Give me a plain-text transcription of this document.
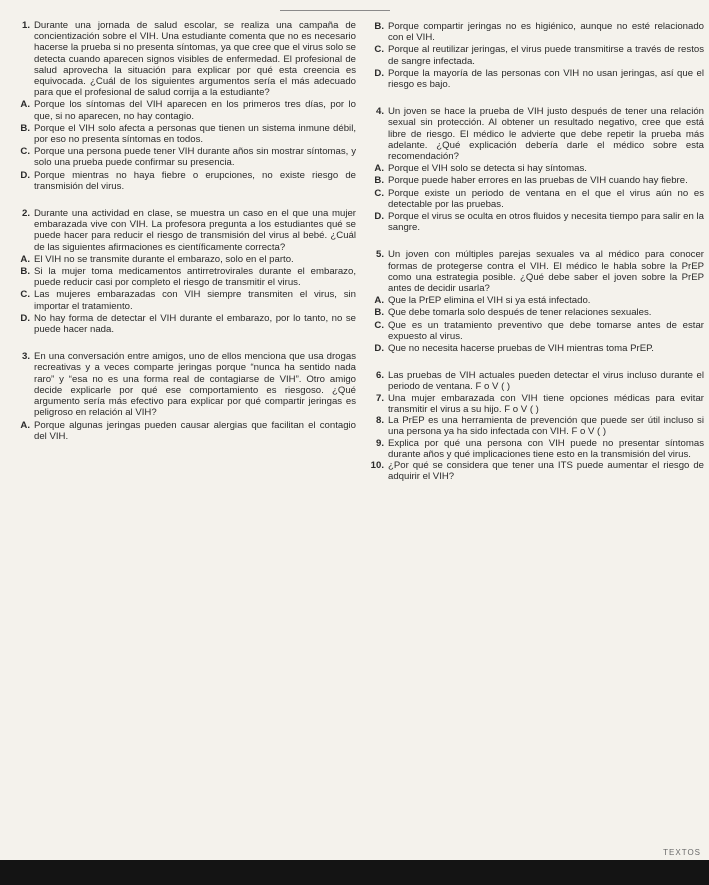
1. Durante una jornada de salud escolar, se realiza una campaña de concientización sobre el VIH. Una estudiante comenta que no es necesario hacerse la prueba si no presenta síntomas, ya que cree que el virus solo se detecta cuando aparecen signos visibles de enfermedad. El profesional de salud aprovecha la situación para explicar por qué esta creencia es equivocada. ¿Cuál de los siguientes argumentos sería el más adecuado para que el profesional de salud corrija a la estudiante?
A. Porque los síntomas del VIH aparecen en los primeros tres días, por lo que, si no aparecen, no hay contagio.
B. Porque el VIH solo afecta a personas que tienen un sistema inmune débil, por eso no presenta síntomas en todos.
C. Porque una persona puede tener VIH durante años sin mostrar síntomas, y solo una prueba puede confirmar su presencia.
D. Porque mientras no haya fiebre o erupciones, no existe riesgo de transmisión del virus.
2. Durante una actividad en clase, se muestra un caso en el que una mujer embarazada vive con VIH. La profesora pregunta a los estudiantes qué se puede hacer para reducir el riesgo de transmisión del virus al bebé. ¿Cuál de las siguientes afirmaciones es científicamente correcta?
A. El VIH no se transmite durante el embarazo, solo en el parto.
B. Si la mujer toma medicamentos antirretrovirales durante el embarazo, puede reducir casi por completo el riesgo de transmitir el virus.
C. Las mujeres embarazadas con VIH siempre transmiten el virus, sin importar el tratamiento.
D. No hay forma de detectar el VIH durante el embarazo, por lo tanto, no se puede hacer nada.
3. En una conversación entre amigos, uno de ellos menciona que usa drogas recreativas y a veces comparte jeringas porque “nunca ha sentido nada raro” y “esa no es una forma real de contagiarse de VIH”. Otro amigo decide explicarle por qué ese comportamiento es riesgoso. ¿Qué argumento sería más efectivo para explicar por qué compartir jeringas es peligroso en relación al VIH?
A. Porque algunas jeringas pueden causar alergias que facilitan el contagio del VIH.
B. Porque compartir jeringas no es higiénico, aunque no esté relacionado con el VIH.
C. Porque al reutilizar jeringas, el virus puede transmitirse a través de restos de sangre infectada.
D. Porque la mayoría de las personas con VIH no usan jeringas, así que el riesgo es bajo.
4. Un joven se hace la prueba de VIH justo después de tener una relación sexual sin protección. Al obtener un resultado negativo, cree que está libre de riesgo. El médico le advierte que debe repetir la prueba más adelante. ¿Qué explicación debería darle el médico sobre esta recomendación?
A. Porque el VIH solo se detecta si hay síntomas.
B. Porque puede haber errores en las pruebas de VIH cuando hay fiebre.
C. Porque existe un periodo de ventana en el que el virus aún no es detectable por las pruebas.
D. Porque el virus se oculta en otros fluidos y necesita tiempo para salir en la sangre.
5. Un joven con múltiples parejas sexuales va al médico para conocer formas de protegerse contra el VIH. El médico le habla sobre la PrEP como una estrategia posible. ¿Qué debe saber el joven sobre la PrEP antes de decidir usarla?
A. Que la PrEP elimina el VIH si ya está infectado.
B. Que debe tomarla solo después de tener relaciones sexuales.
C. Que es un tratamiento preventivo que debe tomarse antes de estar expuesto al virus.
D. Que no necesita hacerse pruebas de VIH mientras toma PrEP.
6. Las pruebas de VIH actuales pueden detectar el virus incluso durante el periodo de ventana. F o V ( )
7. Una mujer embarazada con VIH tiene opciones médicas para evitar transmitir el virus a su hijo. F o V ( )
8. La PrEP es una herramienta de prevención que puede ser útil incluso si una persona ya ha sido infectada con VIH. F o V ( )
9. Explica por qué una persona con VIH puede no presentar síntomas durante años y qué implicaciones tiene esto en la transmisión del virus.
10. ¿Por qué se considera que tener una ITS puede aumentar el riesgo de adquirir el VIH?
TEXTOS
